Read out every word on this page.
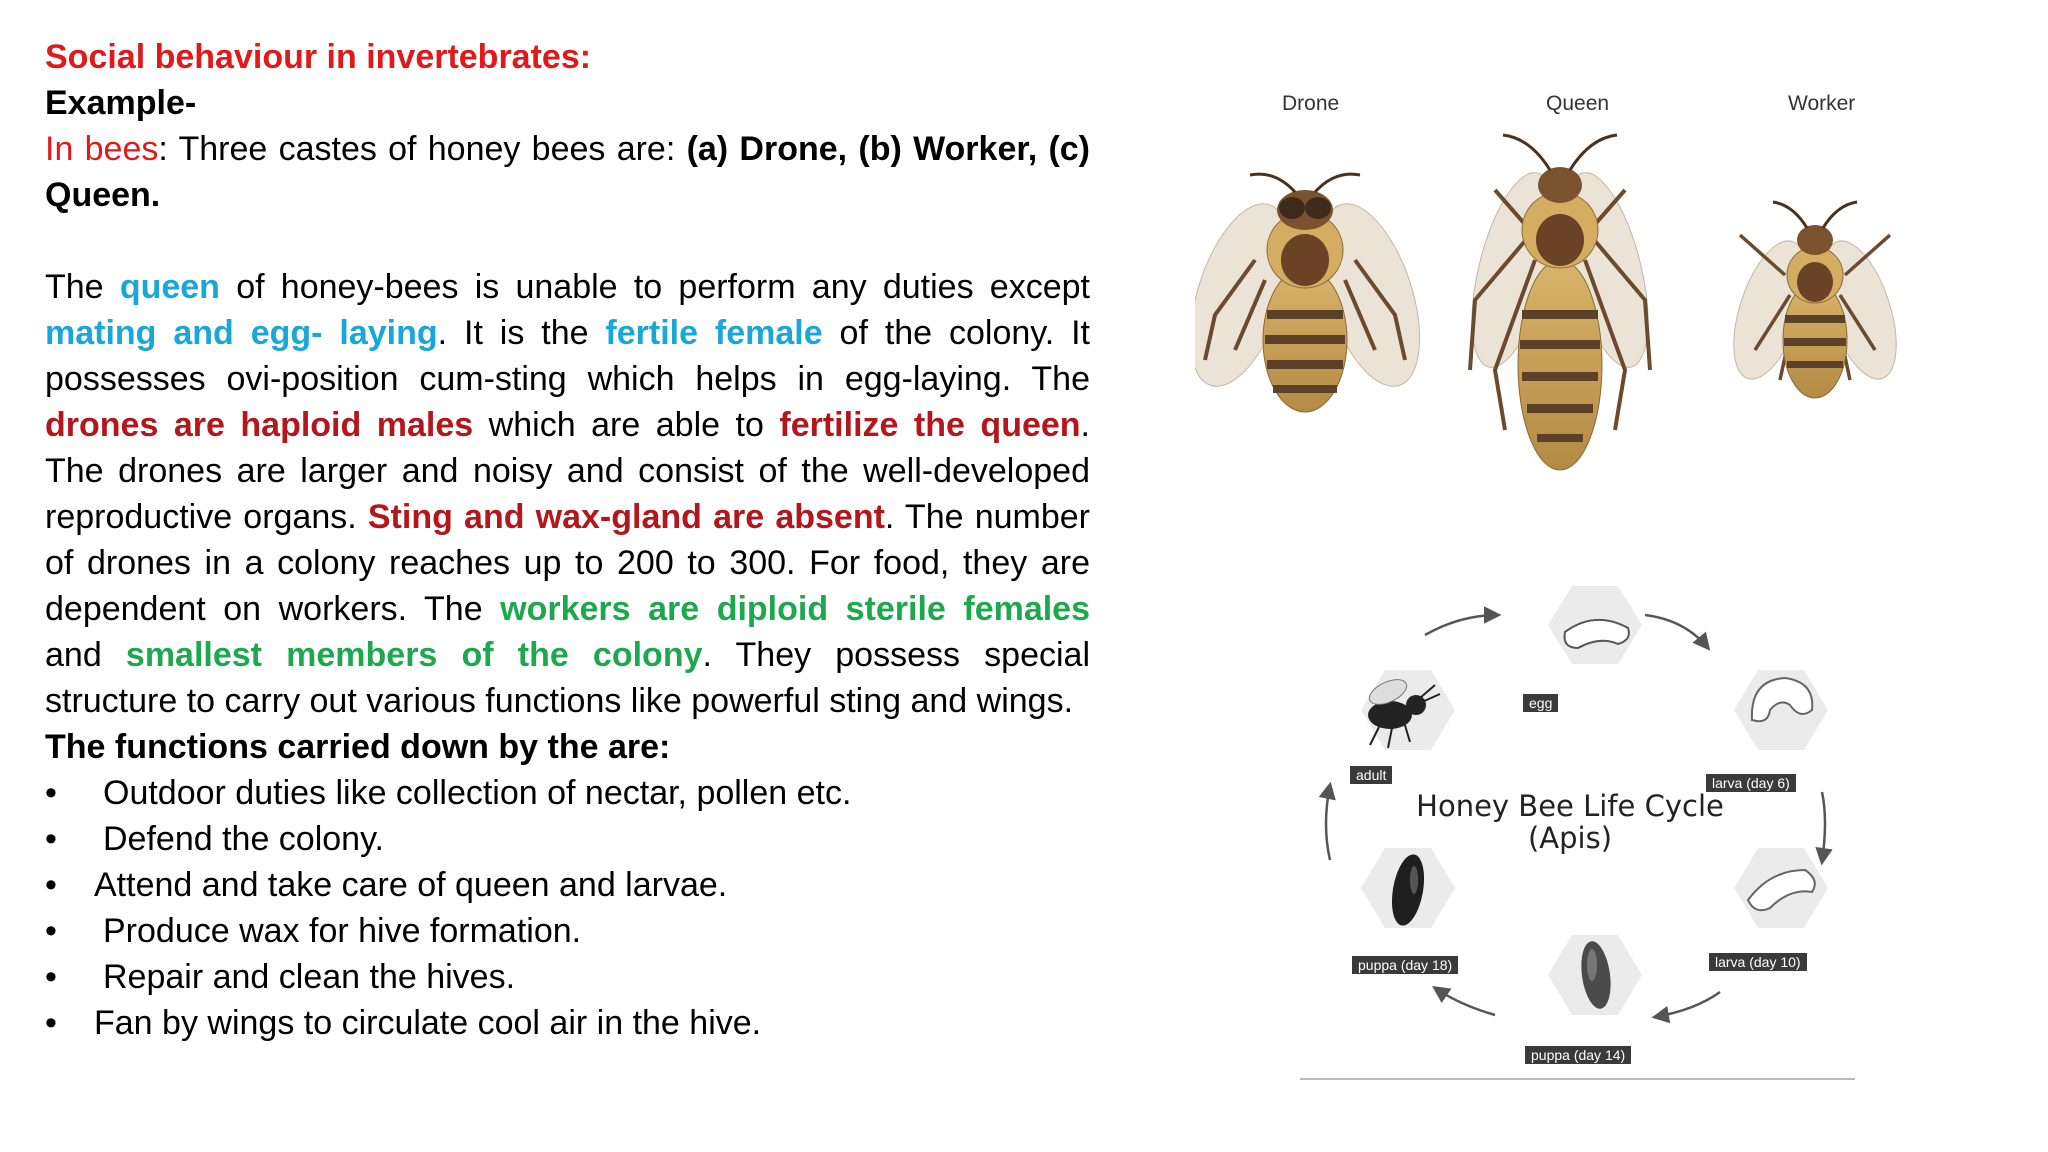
Social behaviour in invertebrates:

Example-

In bees: Three castes of honey bees are: (a) Drone, (b) Worker, (c) Queen.

The queen of honey-bees is unable to perform any duties except mating and egg- laying. It is the fertile female of the colony. It possesses ovi-position cum-sting which helps in egg-laying. The drones are haploid males which are able to fertilize the queen. The drones are larger and noisy and consist of the well-developed reproductive organs. Sting and wax-gland are absent. The number of drones in a colony reaches up to 200 to 300. For food, they are dependent on workers. The workers are diploid sterile females and smallest members of the colony. They possess special structure to carry out various functions like powerful sting and wings.

The functions carried down by the are:

• Outdoor duties like collection of nectar, pollen etc.
• Defend the colony.
• Attend and take care of queen and larvae.
• Produce wax for hive formation.
• Repair and clean the hives.
• Fan by wings to circulate cool air in the hive.
Drone	Queen	Worker
egg
larva (day 6)
larva (day 10)
puppa (day 14)
puppa (day 18)
adult
Honey Bee Life Cycle
(Apis)
